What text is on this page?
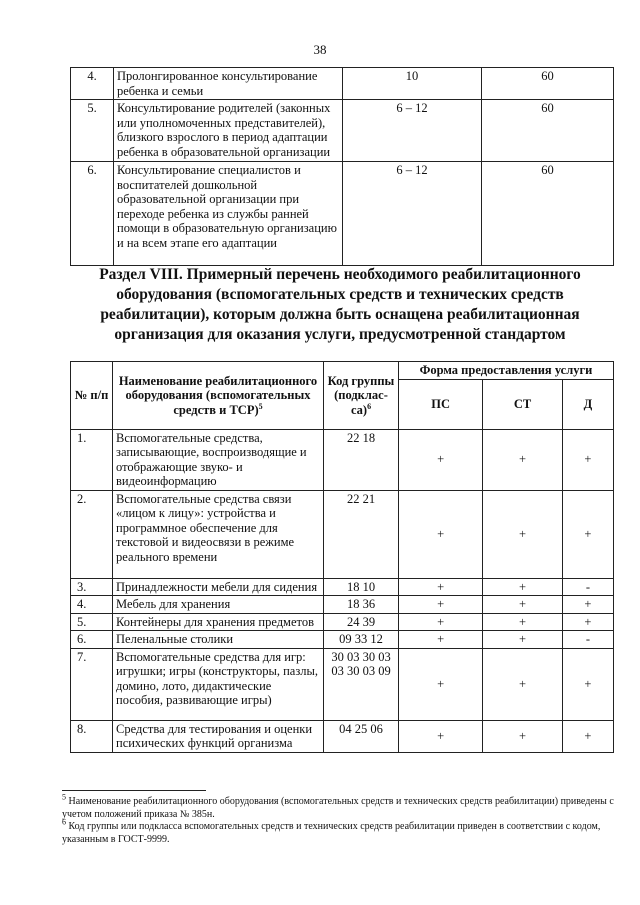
38
4.	Пролонгированное консультирование ребенка и семьи	10	60
5.	Консультирование родителей (законных или уполномоченных представителей), близкого взрослого в период адаптации ребенка в образовательной организации	6 – 12	60
6.	Консультирование специалистов и воспитателей дошкольной образовательной организации при переходе ребенка из службы ранней помощи в образовательную организацию и на всем этапе его адаптации	6 – 12	60
Раздел VIII. Примерный перечень необходимого реабилитационного оборудования (вспомогательных средств и технических средств реабилитации), которым должна быть оснащена реабилитационная организация для оказания услуги, предусмотренной стандартом
№ п/п	Наименование реабилитационного оборудования (вспомогательных средств и ТСР)$^5$	Код группы (подклас-са)$^6$	Форма предоставления услуги		
			ПС	СТ	Д
1.	Вспомогательные средства, записывающие, воспроизводящие и отображающие звуко- и видеоинформацию	22 18	+	+	+
2.	Вспомогательные средства связи «лицом к лицу»: устройства и программное обеспечение для текстовой и видеосвязи в режиме реального времени	22 21	+	+	+
3.	Принадлежности мебели для сидения	18 10	+	+	-
4.	Мебель для хранения	18 36	+	+	+
5.	Контейнеры для хранения предметов	24 39	+	+	+
6.	Пеленальные столики	09 33 12	+	+	-
7.	Вспомогательные средства для игр: игрушки; игры (конструкторы, пазлы, домино, лото, дидактические пособия, развивающие игры)	30 03 30 03 03 30 03 09	+	+	+
8.	Средства для тестирования и оценки психических функций организма	04 25 06	+	+	+

$^5$ Наименование реабилитационного оборудования (вспомогательных средств и технических средств реабилитации) приведены с учетом положений приказа № 385н.

$^6$ Код группы или подкласса вспомогательных средств и технических средств реабилитации приведен в соответствии с кодом, указанным в ГОСТ-9999.
